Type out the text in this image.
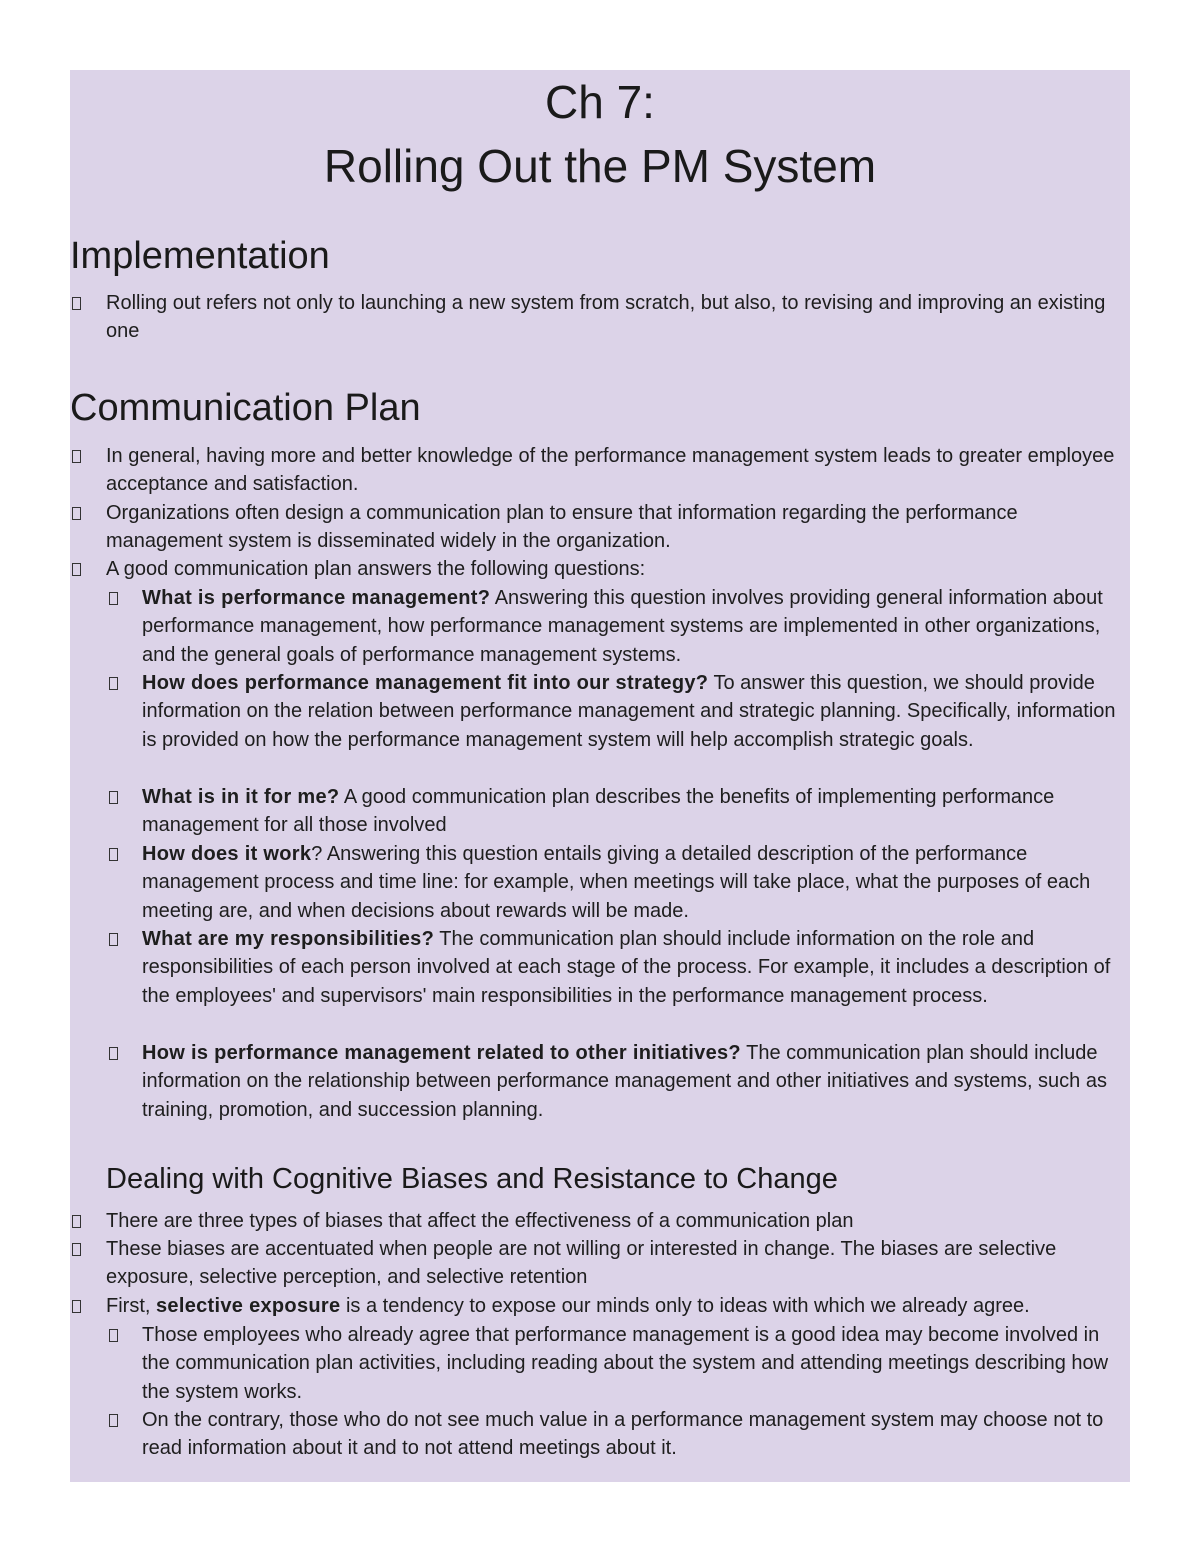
Ch 7:
Rolling Out the PM System
Implementation
Rolling out refers not only to launching a new system from scratch, but also, to revising and improving an existing one
Communication Plan
In general, having more and better knowledge of the performance management system leads to greater employee acceptance and satisfaction.
Organizations often design a communication plan to ensure that information regarding the performance management system is disseminated widely in the organization.
A good communication plan answers the following questions:
What is performance management? Answering this question involves providing general information about performance management, how performance management systems are implemented in other organizations, and the general goals of performance management systems.
How does performance management fit into our strategy? To answer this question, we should provide information on the relation between performance management and strategic planning. Specifically, information is provided on how the performance management system will help accomplish strategic goals.
What is in it for me? A good communication plan describes the benefits of implementing performance management for all those involved
How does it work? Answering this question entails giving a detailed description of the performance management process and time line: for example, when meetings will take place, what the purposes of each meeting are, and when decisions about rewards will be made.
What are my responsibilities? The communication plan should include information on the role and responsibilities of each person involved at each stage of the process. For example, it includes a description of the employees' and supervisors' main responsibilities in the performance management process.
How is performance management related to other initiatives? The communication plan should include information on the relationship between performance management and other initiatives and systems, such as training, promotion, and succession planning.
Dealing with Cognitive Biases and Resistance to Change
There are three types of biases that affect the effectiveness of a communication plan
These biases are accentuated when people are not willing or interested in change. The biases are selective exposure, selective perception, and selective retention
First, selective exposure is a tendency to expose our minds only to ideas with which we already agree.
Those employees who already agree that performance management is a good idea may become involved in the communication plan activities, including reading about the system and attending meetings describing how the system works.
On the contrary, those who do not see much value in a performance management system may choose not to read information about it and to not attend meetings about it.
